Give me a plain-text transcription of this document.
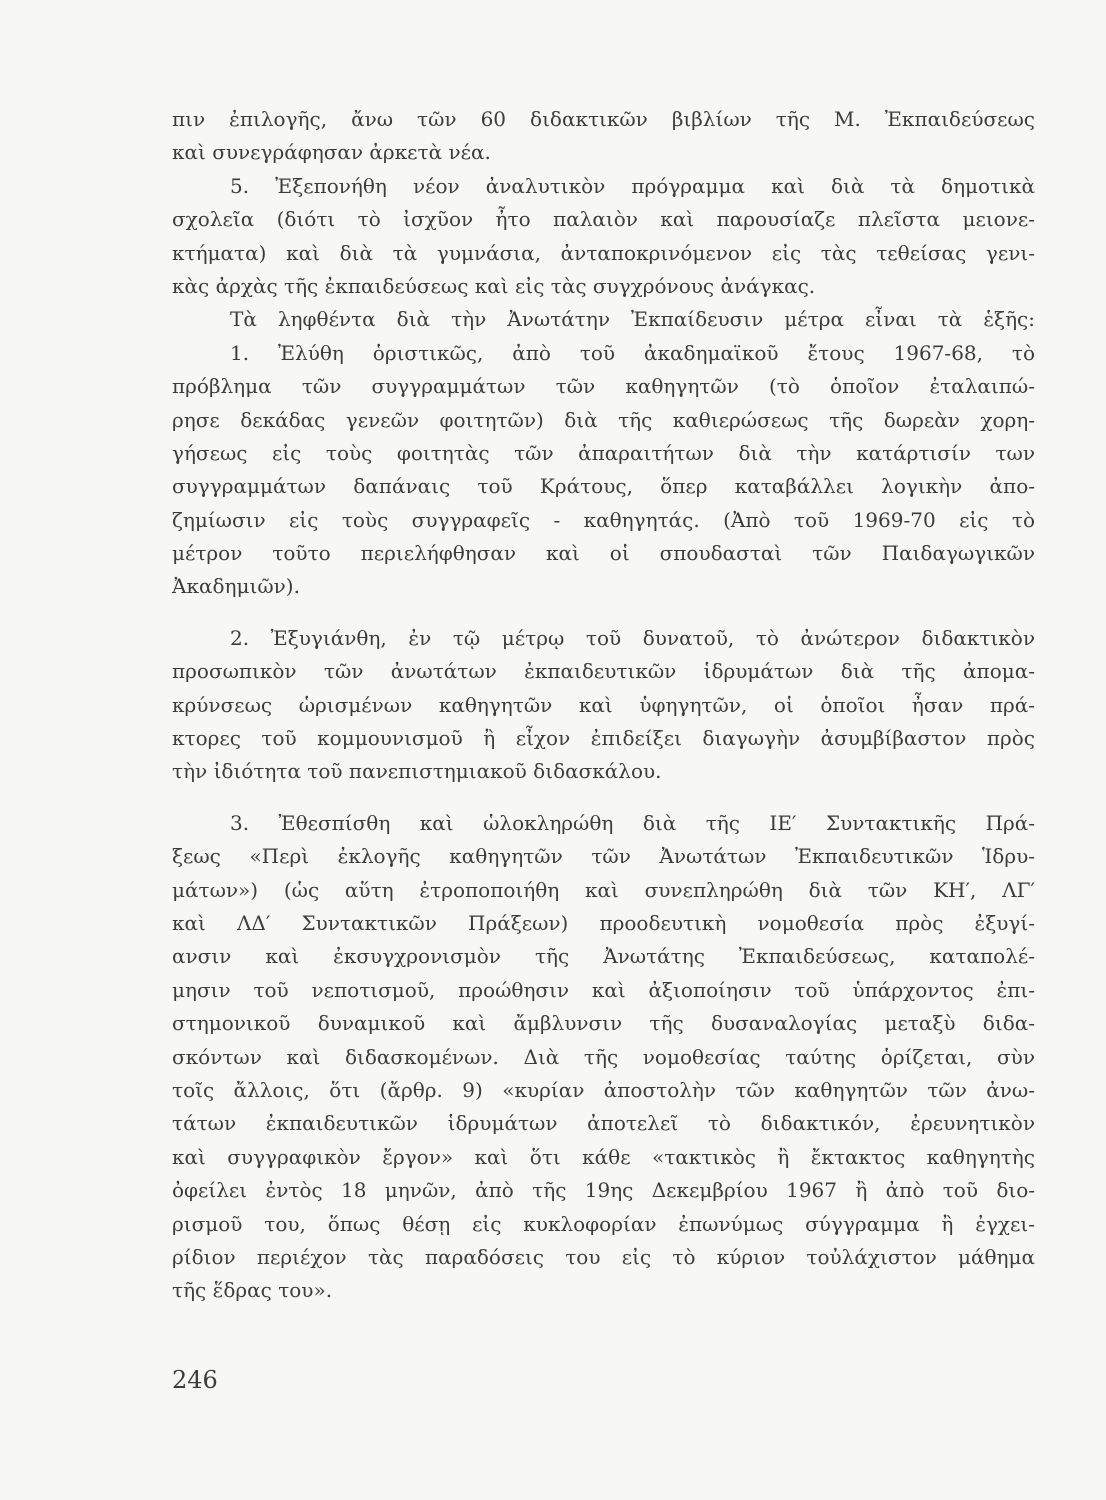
πιν ἐπιλογῆς, ἄνω τῶν 60 διδακτικῶν βιβλίων τῆς Μ. Ἐκπαιδεύσεως
καὶ συνεγράφησαν ἀρκετὰ νέα.
5. Ἐξεπονήθη νέον ἀναλυτικὸν πρόγραμμα καὶ διὰ τὰ δημοτικὰ
σχολεῖα (διότι τὸ ἰσχῦον ἦτο παλαιὸν καὶ παρουσίαζε πλεῖστα μειονε-
κτήματα) καὶ διὰ τὰ γυμνάσια, ἀνταποκρινόμενον εἰς τὰς τεθείσας γενι-
κὰς ἀρχὰς τῆς ἐκπαιδεύσεως καὶ εἰς τὰς συγχρόνους ἀνάγκας.
Τὰ ληφθέντα διὰ τὴν Ἀνωτάτην Ἐκπαίδευσιν μέτρα εἶναι τὰ ἑξῆς:
1. Ἐλύθη ὁριστικῶς, ἀπὸ τοῦ ἀκαδημαϊκοῦ ἔτους 1967-68, τὸ
πρόβλημα τῶν συγγραμμάτων τῶν καθηγητῶν (τὸ ὁποῖον ἐταλαιπώ-
ρησε δεκάδας γενεῶν φοιτητῶν) διὰ τῆς καθιερώσεως τῆς δωρεὰν χορη-
γήσεως εἰς τοὺς φοιτητὰς τῶν ἀπαραιτήτων διὰ τὴν κατάρτισίν των
συγγραμμάτων δαπάναις τοῦ Κράτους, ὅπερ καταβάλλει λογικὴν ἀπο-
ζημίωσιν εἰς τοὺς συγγραφεῖς - καθηγητάς. (Ἀπὸ τοῦ 1969-70 εἰς τὸ
μέτρον τοῦτο περιελήφθησαν καὶ οἱ σπουδασταὶ τῶν Παιδαγωγικῶν
Ἀκαδημιῶν).
2. Ἐξυγιάνθη, ἐν τῷ μέτρῳ τοῦ δυνατοῦ, τὸ ἀνώτερον διδακτικὸν
προσωπικὸν τῶν ἀνωτάτων ἐκπαιδευτικῶν ἱδρυμάτων διὰ τῆς ἀπομα-
κρύνσεως ὡρισμένων καθηγητῶν καὶ ὑφηγητῶν, οἱ ὁποῖοι ἦσαν πρά-
κτορες τοῦ κομμουνισμοῦ ἢ εἶχον ἐπιδείξει διαγωγὴν ἀσυμβίβαστον πρὸς
τὴν ἰδιότητα τοῦ πανεπιστημιακοῦ διδασκάλου.
3. Ἐθεσπίσθη καὶ ὡλοκληρώθη διὰ τῆς ΙΕ′ Συντακτικῆς Πρά-
ξεως «Περὶ ἐκλογῆς καθηγητῶν τῶν Ἀνωτάτων Ἐκπαιδευτικῶν Ἱδρυ-
μάτων») (ὡς αὕτη ἐτροποποιήθη καὶ συνεπληρώθη διὰ τῶν ΚΗ′, ΛΓ′
καὶ ΛΔ′ Συντακτικῶν Πράξεων) προοδευτικὴ νομοθεσία πρὸς ἐξυγί-
ανσιν καὶ ἐκσυγχρονισμὸν τῆς Ἀνωτάτης Ἐκπαιδεύσεως, καταπολέ-
μησιν τοῦ νεποτισμοῦ, προώθησιν καὶ ἀξιοποίησιν τοῦ ὑπάρχοντος ἐπι-
στημονικοῦ δυναμικοῦ καὶ ἄμβλυνσιν τῆς δυσαναλογίας μεταξὺ διδα-
σκόντων καὶ διδασκομένων. Διὰ τῆς νομοθεσίας ταύτης ὁρίζεται, σὺν
τοῖς ἄλλοις, ὅτι (ἄρθρ. 9) «κυρίαν ἀποστολὴν τῶν καθηγητῶν τῶν ἀνω-
τάτων ἐκπαιδευτικῶν ἱδρυμάτων ἀποτελεῖ τὸ διδακτικόν, ἐρευνητικὸν
καὶ συγγραφικὸν ἔργον» καὶ ὅτι κάθε «τακτικὸς ἢ ἔκτακτος καθηγητὴς
ὀφείλει ἐντὸς 18 μηνῶν, ἀπὸ τῆς 19ης Δεκεμβρίου 1967 ἢ ἀπὸ τοῦ διο-
ρισμοῦ του, ὅπως θέσῃ εἰς κυκλοφορίαν ἐπωνύμως σύγγραμμα ἢ ἐγχει-
ρίδιον περιέχον τὰς παραδόσεις του εἰς τὸ κύριον τοὐλάχιστον μάθημα
τῆς ἕδρας του».
246
